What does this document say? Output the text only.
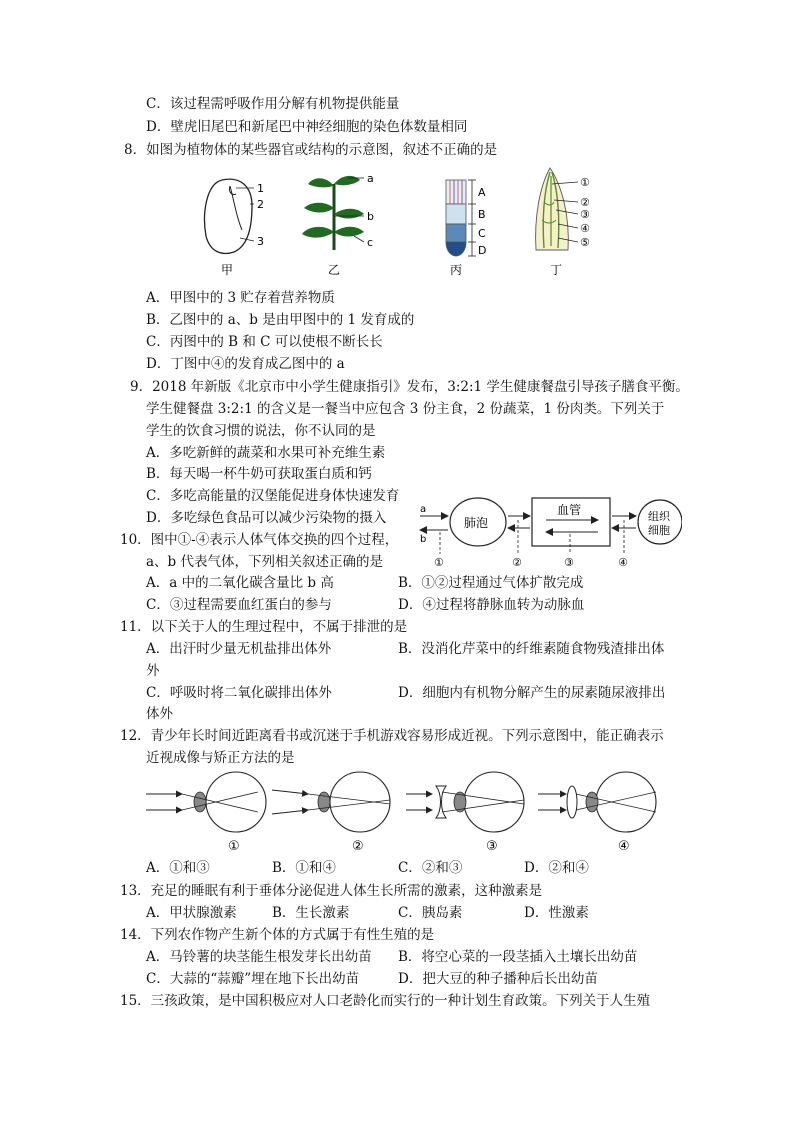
C．该过程需呼吸作用分解有机物提供能量
D．壁虎旧尾巴和新尾巴中神经细胞的染色体数量相同
8．如图为植物体的某些器官或结构的示意图，叙述不正确的是
1
2
3
甲
a
b
c
乙
A
B
C
D
丙
①
②
③
④
⑤
丁
A．甲图中的 3 贮存着营养物质
B．乙图中的 a、b 是由甲图中的 1 发育成的
C．丙图中的 B 和 C 可以使根不断长长
D．丁图中④的发育成乙图中的 a
9．2018 年新版《北京市中小学生健康指引》发布，3:2:1 学生健康餐盘引导孩子膳食平衡。
学生健餐盘 3:2:1 的含义是一餐当中应包含 3 份主食，2 份蔬菜，1 份肉类。下列关于
学生的饮食习惯的说法，你不认同的是
A．多吃新鲜的蔬菜和水果可补充维生素
B．每天喝一杯牛奶可获取蛋白质和钙
C．多吃高能量的汉堡能促进身体快速发育
D．多吃绿色食品可以减少污染物的摄入	肺泡
a
b
血管	组织
细胞
①	②	③	④
10．图中①-④表示人体气体交换的四个过程，
a、b 代表气体，下列相关叙述正确的是
A．a 中的二氧化碳含量比 b 高	B．①②过程通过气体扩散完成
C．③过程需要血红蛋白的参与	D．④过程将静脉血转为动脉血
11．以下关于人的生理过程中，不属于排泄的是
A．出汗时少量无机盐排出体外	B．没消化芹菜中的纤维素随食物残渣排出体
外
C．呼吸时将二氧化碳排出体外	D．细胞内有机物分解产生的尿素随尿液排出
体外
12．青少年长时间近距离看书或沉迷于手机游戏容易形成近视。下列示意图中，能正确表示
近视成像与矫正方法的是
①	②	③	④
A．①和③	B．①和④	C．②和③	D．②和④
13．充足的睡眠有利于垂体分泌促进人体生长所需的激素，这种激素是
A．甲状腺激素	B．生长激素	C．胰岛素	D．性激素
14．下列农作物产生新个体的方式属于有性生殖的是
A．马铃薯的块茎能生根发芽长出幼苗 B．将空心菜的一段茎插入土壤长出幼苗
C．大蒜的“蒜瓣”埋在地下长出幼苗	D．把大豆的种子播种后长出幼苗
15．三孩政策，是中国积极应对人口老龄化而实行的一种计划生育政策。下列关于人生殖
